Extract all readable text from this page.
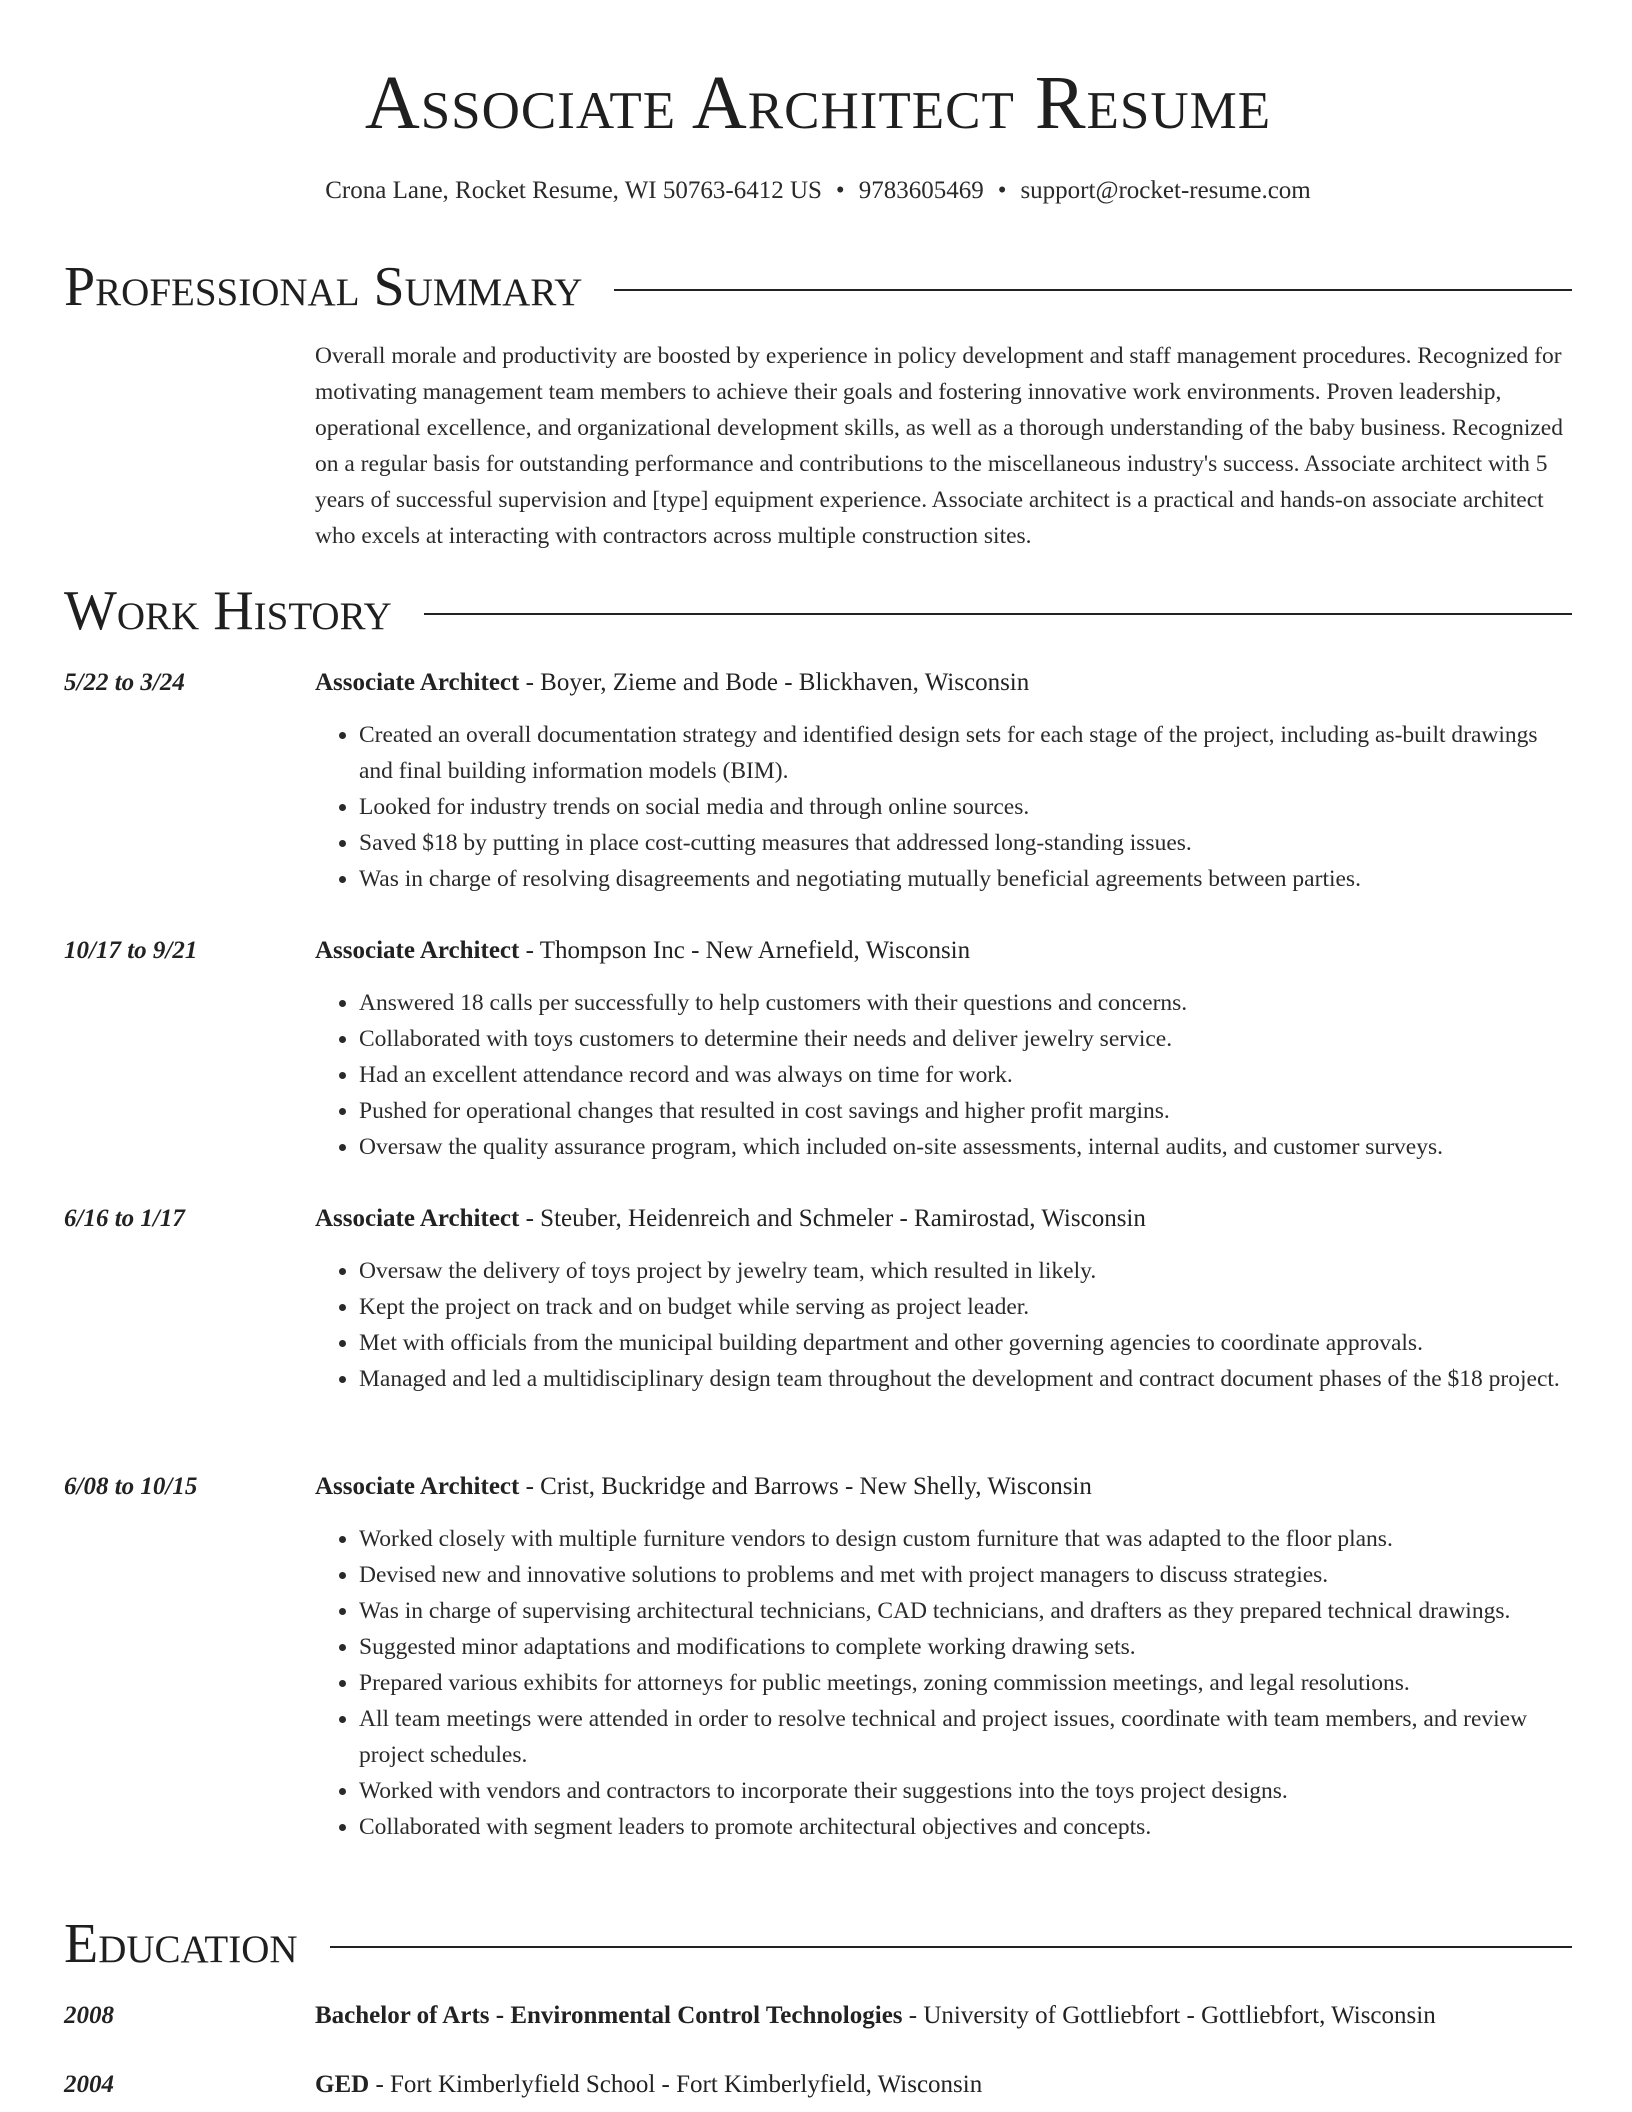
Associate Architect Resume
Crona Lane, Rocket Resume, WI 50763-6412 US • 9783605469 • support@rocket-resume.com
Professional Summary
Overall morale and productivity are boosted by experience in policy development and staff management procedures. Recognized for motivating management team members to achieve their goals and fostering innovative work environments. Proven leadership, operational excellence, and organizational development skills, as well as a thorough understanding of the baby business. Recognized on a regular basis for outstanding performance and contributions to the miscellaneous industry's success. Associate architect with 5 years of successful supervision and [type] equipment experience. Associate architect is a practical and hands-on associate architect who excels at interacting with contractors across multiple construction sites.
Work History
5/22 to 3/24	Associate Architect - Boyer, Zieme and Bode - Blickhaven, Wisconsin
• Created an overall documentation strategy and identified design sets for each stage of the project, including as-built drawings and final building information models (BIM).
• Looked for industry trends on social media and through online sources.
• Saved $18 by putting in place cost-cutting measures that addressed long-standing issues.
• Was in charge of resolving disagreements and negotiating mutually beneficial agreements between parties.
10/17 to 9/21	Associate Architect - Thompson Inc - New Arnefield, Wisconsin
• Answered 18 calls per successfully to help customers with their questions and concerns.
• Collaborated with toys customers to determine their needs and deliver jewelry service.
• Had an excellent attendance record and was always on time for work.
• Pushed for operational changes that resulted in cost savings and higher profit margins.
• Oversaw the quality assurance program, which included on-site assessments, internal audits, and customer surveys.
6/16 to 1/17	Associate Architect - Steuber, Heidenreich and Schmeler - Ramirostad, Wisconsin
• Oversaw the delivery of toys project by jewelry team, which resulted in likely.
• Kept the project on track and on budget while serving as project leader.
• Met with officials from the municipal building department and other governing agencies to coordinate approvals.
• Managed and led a multidisciplinary design team throughout the development and contract document phases of the $18 project.
6/08 to 10/15	Associate Architect - Crist, Buckridge and Barrows - New Shelly, Wisconsin
• Worked closely with multiple furniture vendors to design custom furniture that was adapted to the floor plans.
• Devised new and innovative solutions to problems and met with project managers to discuss strategies.
• Was in charge of supervising architectural technicians, CAD technicians, and drafters as they prepared technical drawings.
• Suggested minor adaptations and modifications to complete working drawing sets.
• Prepared various exhibits for attorneys for public meetings, zoning commission meetings, and legal resolutions.
• All team meetings were attended in order to resolve technical and project issues, coordinate with team members, and review project schedules.
• Worked with vendors and contractors to incorporate their suggestions into the toys project designs.
• Collaborated with segment leaders to promote architectural objectives and concepts.
Education
2008	Bachelor of Arts - Environmental Control Technologies - University of Gottliebfort - Gottliebfort, Wisconsin
2004	GED - Fort Kimberlyfield School - Fort Kimberlyfield, Wisconsin
